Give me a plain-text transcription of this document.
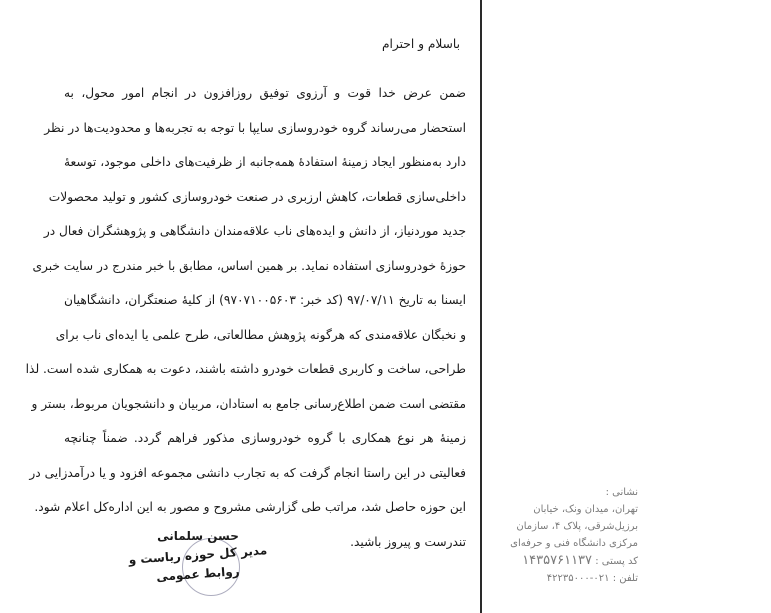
باسلام و احترام
ضمن عرض خدا قوت و آرزوی توفیق روزافزون در انجام امور محول، به
استحضار می‌رساند گروه خودروسازی سایپا با توجه به تجربه‌ها و محدودیت‌ها در نظر
دارد به‌منظور ایجاد زمینهٔ استفادهٔ همه‌جانبه از ظرفیت‌های داخلی موجود، توسعهٔ
داخلی‌سازی قطعات، کاهش ارزبری در صنعت خودروسازی کشور و تولید محصولات
جدید موردنیاز، از دانش و ایده‌های ناب علاقه‌مندان دانشگاهی و پژوهشگران فعال در
حوزهٔ خودروسازی استفاده نماید. بر همین اساس، مطابق با خبر مندرج در سایت خبری
ایسنا به تاریخ ۹۷/۰۷/۱۱ (کد خبر: ۹۷۰۷۱۰۰۵۶۰۳) از کلیهٔ صنعتگران، دانشگاهیان
و نخبگان علاقه‌مندی که هرگونه پژوهش مطالعاتی، طرح علمی یا ایده‌ای ناب برای
طراحی، ساخت و کاربری قطعات خودرو داشته باشند، دعوت به همکاری شده است. لذا
مقتضی است ضمن اطلاع‌رسانی جامع به استادان، مربیان و دانشجویان مربوط، بستر و
زمینهٔ هر نوع همکاری با گروه خودروسازی مذکور فراهم گردد. ضمناً چنانچه
فعالیتی در این راستا انجام گرفت که به تجارب دانشی مجموعه افزود و یا درآمدزایی در
این حوزه حاصل شد، مراتب طی گزارشی مشروح و مصور به این اداره‌کل اعلام شود.
تندرست و پیروز باشید.
حسن سلمانی
مدیر کل حوزه ریاست و
روابط عمومی
نشانی :
تهران، میدان ونک، خیابان
برزیل‌شرقی، پلاک ۴، سازمان
مرکزی دانشگاه فنی و حرفه‌ای
کد پستی : ۱۴۳۵۷۶۱۱۳۷
تلفن : ۰۲۱-۴۲۲۳۵۰۰۰
